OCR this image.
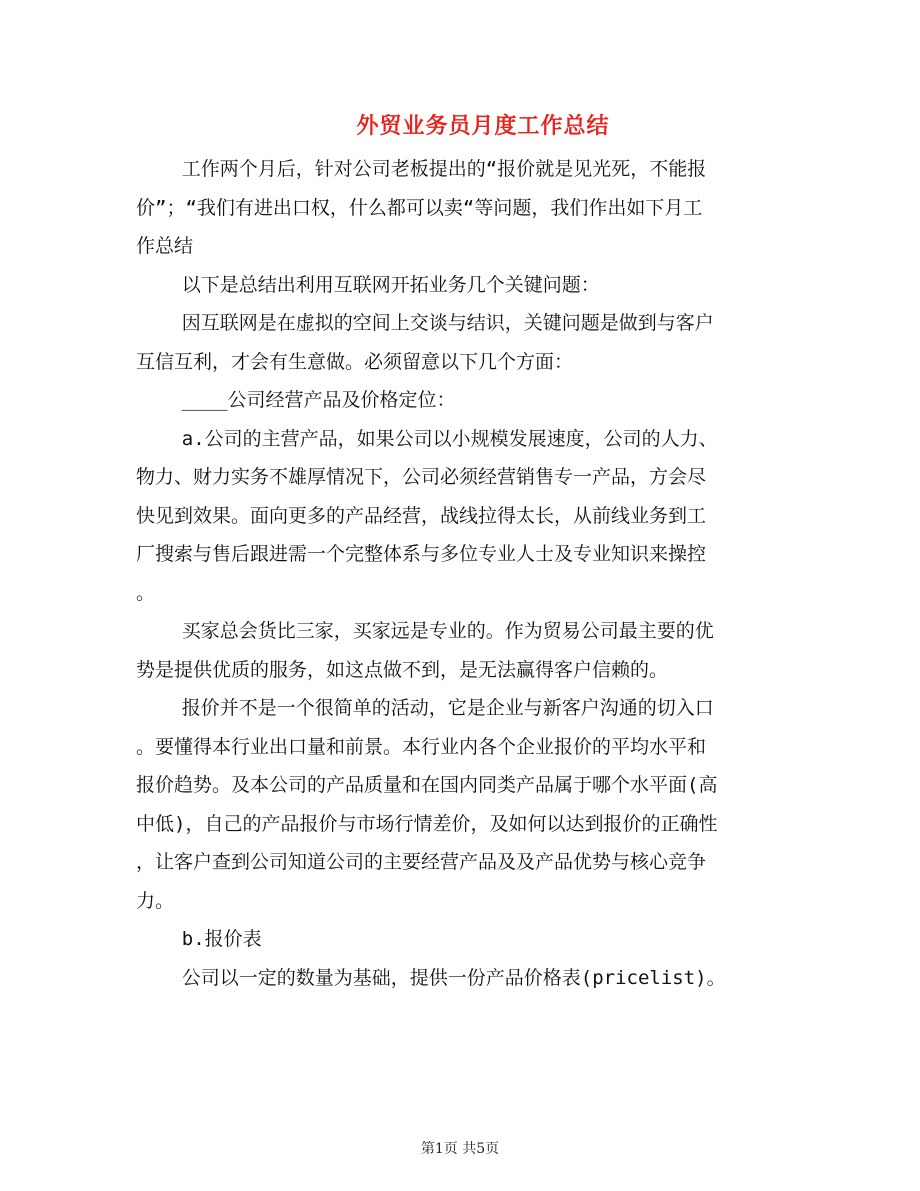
外贸业务员月度工作总结
工作两个月后，针对公司老板提出的“报价就是见光死，不能报
价”；“我们有进出口权，什么都可以卖“等问题，我们作出如下月工
作总结
以下是总结出利用互联网开拓业务几个关键问题：
因互联网是在虚拟的空间上交谈与结识，关键问题是做到与客户
互信互利，才会有生意做。必须留意以下几个方面：
____公司经营产品及价格定位：
a.公司的主营产品，如果公司以小规模发展速度，公司的人力、
物力、财力实务不雄厚情况下，公司必须经营销售专一产品，方会尽
快见到效果。面向更多的产品经营，战线拉得太长，从前线业务到工
厂搜索与售后跟进需一个完整体系与多位专业人士及专业知识来操控
。
买家总会货比三家，买家远是专业的。作为贸易公司最主要的优
势是提供优质的服务，如这点做不到，是无法赢得客户信赖的。
报价并不是一个很简单的活动，它是企业与新客户沟通的切入口
。要懂得本行业出口量和前景。本行业内各个企业报价的平均水平和
报价趋势。及本公司的产品质量和在国内同类产品属于哪个水平面(高
中低)，自己的产品报价与市场行情差价，及如何以达到报价的正确性
，让客户查到公司知道公司的主要经营产品及及产品优势与核心竞争
力。
b.报价表
公司以一定的数量为基础，提供一份产品价格表(pricelist)。
第1页 共5页
